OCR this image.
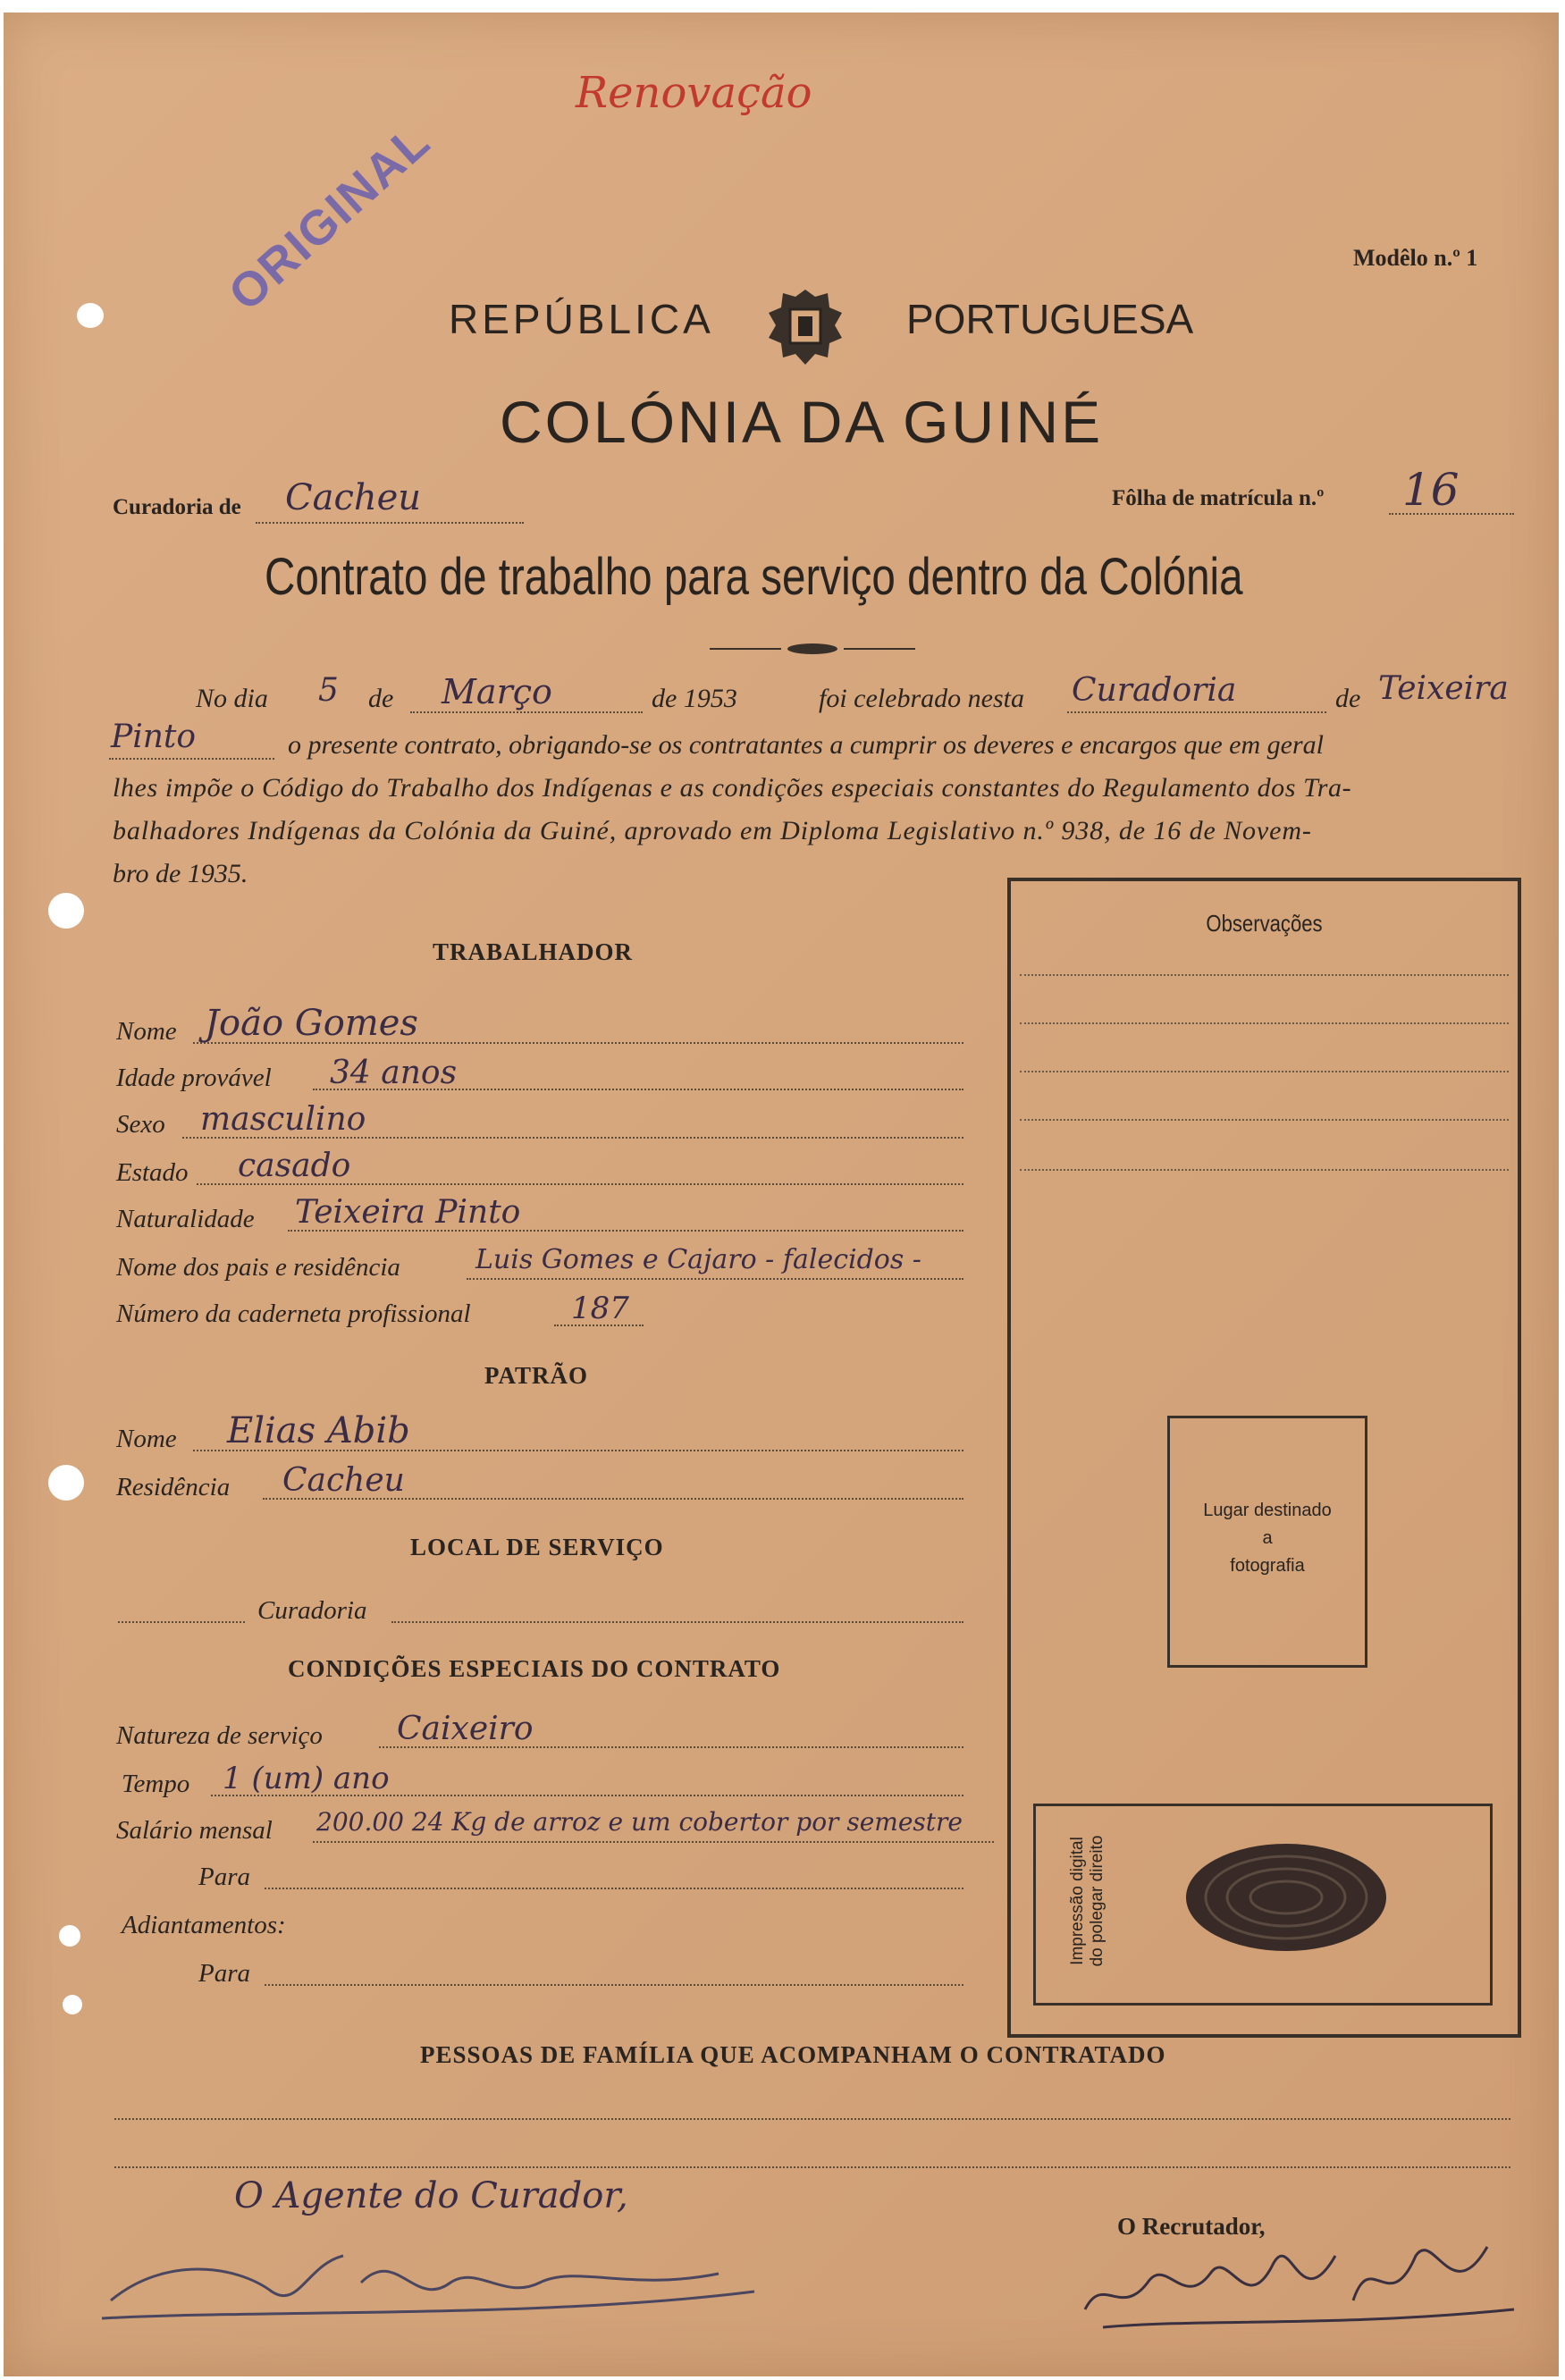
Renovação
ORIGINAL	Modêlo n.º 1
REPÚBLICA	PORTUGUESA
COLÓNIA DA GUINÉ
Curadoria de Cacheu	Fôlha de matrícula n.º 16
Contrato de trabalho para serviço dentro da Colónia
No dia 5 de Março	de 1953	foi celebrado nesta Curadoria	de Teixeira
Pinto	o presente contrato, obrigando-se os contratantes a cumprir os deveres e encargos que em geral
lhes impõe o Código do Trabalho dos Indígenas e as condições especiais constantes do Regulamento dos Tra-
balhadores Indígenas da Colónia da Guiné, aprovado em Diploma Legislativo n.º 938, de 16 de Novem-
bro de 1935.
TRABALHADOR
Nome João Gomes
Idade provável 34 anos
Sexo masculino
Estado casado
Naturalidade Teixeira Pinto
Nome dos pais e residência	Luis Gomes e Cajaro - falecidos -
Número da caderneta profissional	187
PATRÃO
Nome Elias Abib
Residência Cacheu
LOCAL DE SERVIÇO
Curadoria
CONDIÇÕES ESPECIAIS DO CONTRATO
Natureza de serviço Caixeiro
Tempo 1 (um) ano
Salário mensal 200.00 24 Kg de arroz e um cobertor por semestre
Para
Adiantamentos:
Para
Observações
Lugar destinado
a
fotografia
Impressão digital do polegar direito
PESSOAS DE FAMÍLIA QUE ACOMPANHAM O CONTRATADO
O Agente do Curador,
O Recrutador,
